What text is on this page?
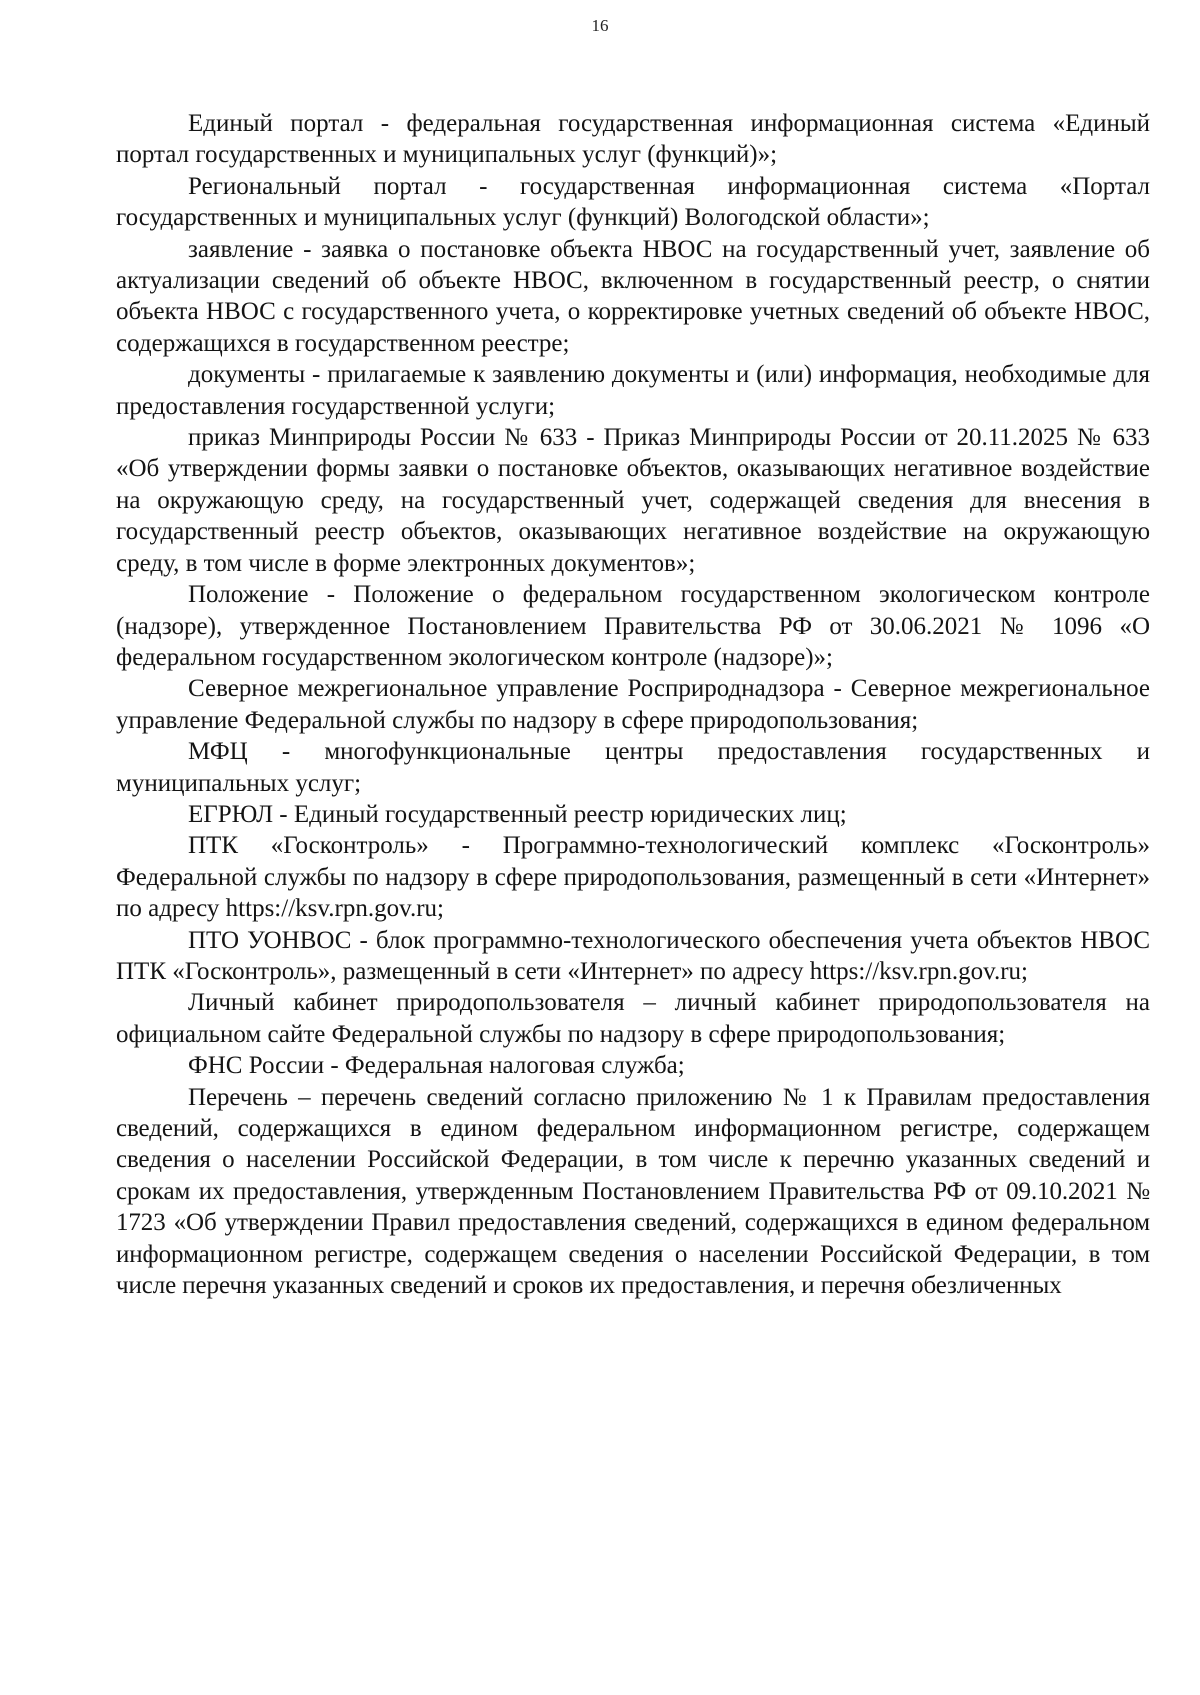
16

Единый портал - федеральная государственная информационная система «Единый портал государственных и муниципальных услуг (функций)»;

Региональный портал - государственная информационная система «Портал государственных и муниципальных услуг (функций) Вологодской области»;

заявление - заявка о постановке объекта НВОС на государственный учет, заявление об актуализации сведений об объекте НВОС, включенном в государственный реестр, о снятии объекта НВОС с государственного учета, о корректировке учетных сведений об объекте НВОС, содержащихся в государственном реестре;

документы - прилагаемые к заявлению документы и (или) информация, необходимые для предоставления государственной услуги;

приказ Минприроды России № 633 - Приказ Минприроды России от 20.11.2025 № 633 «Об утверждении формы заявки о постановке объектов, оказывающих негативное воздействие на окружающую среду, на государственный учет, содержащей сведения для внесения в государственный реестр объектов, оказывающих негативное воздействие на окружающую среду, в том числе в форме электронных документов»;

Положение - Положение о федеральном государственном экологическом контроле (надзоре), утвержденное Постановлением Правительства РФ от 30.06.2021 № 1096 «О федеральном государственном экологическом контроле (надзоре)»;

Северное межрегиональное управление Росприроднадзора - Северное межрегиональное управление Федеральной службы по надзору в сфере природопользования;

МФЦ - многофункциональные центры предоставления государственных и муниципальных услуг;

ЕГРЮЛ - Единый государственный реестр юридических лиц;

ПТК «Госконтроль» - Программно-технологический комплекс «Госконтроль» Федеральной службы по надзору в сфере природопользования, размещенный в сети «Интернет» по адресу https://ksv.rpn.gov.ru;

ПТО УОНВОС - блок программно-технологического обеспечения учета объектов НВОС ПТК «Госконтроль», размещенный в сети «Интернет» по адресу https://ksv.rpn.gov.ru;

Личный кабинет природопользователя – личный кабинет природопользователя на официальном сайте Федеральной службы по надзору в сфере природопользования;

ФНС России - Федеральная налоговая служба;

Перечень – перечень сведений согласно приложению № 1 к Правилам предоставления сведений, содержащихся в едином федеральном информационном регистре, содержащем сведения о населении Российской Федерации, в том числе к перечню указанных сведений и срокам их предоставления, утвержденным Постановлением Правительства РФ от 09.10.2021 № 1723 «Об утверждении Правил предоставления сведений, содержащихся в едином федеральном информационном регистре, содержащем сведения о населении Российской Федерации, в том числе перечня указанных сведений и сроков их предоставления, и перечня обезличенных
